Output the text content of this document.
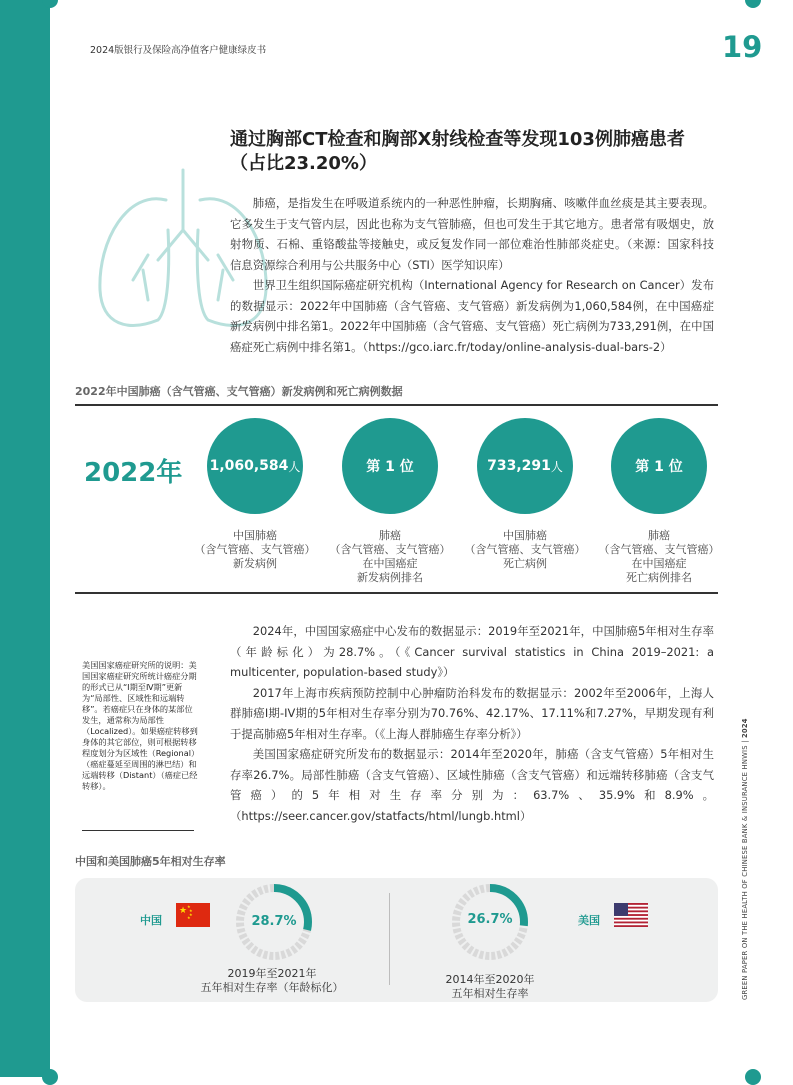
2024版银行及保险高净值客户健康绿皮书	19
GREEN PAPER ON THE HEALTH OF CHINESE BANK & INSURANCE HNWIS | 2024
通过胸部CT检查和胸部X射线检查等发现103例肺癌患者
（占比23.20%）

肺癌，是指发生在呼吸道系统内的一种恶性肿瘤，长期胸痛、咳嗽伴血丝痰是其主要表现。它多发生于支气管内层，因此也称为支气管肺癌，但也可发生于其它地方。患者常有吸烟史，放射物质、石棉、重铬酸盐等接触史，或反复发作同一部位难治性肺部炎症史。（来源：国家科技信息资源综合利用与公共服务中心（STI）医学知识库）

世界卫生组织国际癌症研究机构（International Agency for Research on Cancer）发布的数据显示：2022年中国肺癌（含气管癌、支气管癌）新发病例为1,060,584例，在中国癌症新发病例中排名第1。2022年中国肺癌（含气管癌、支气管癌）死亡病例为733,291例，在中国癌症死亡病例中排名第1。（https://gco.iarc.fr/today/online-analysis-dual-bars-2）

2022年中国肺癌（含气管癌、支气管癌）新发病例和死亡病例数据
2022年 1,060,584 人	第 1 位	733,291 人	第 1 位
中国肺癌
（含气管癌、支气管癌）
新发病例
肺癌
（含气管癌、支气管癌）
在中国癌症
新发病例排名
中国肺癌
（含气管癌、支气管癌）
死亡病例
肺癌
（含气管癌、支气管癌）
在中国癌症
死亡病例排名
美国国家癌症研究所的说明：美国国家癌症研究所统计癌症分期的形式已从“Ⅰ期至Ⅳ期”更新为“局部性、区域性和远端转移”。若癌症只在身体的某部位发生，通常称为局部性（Localized）。如果癌症转移到身体的其它部位，则可根据转移程度划分为区域性（Regional）（癌症蔓延至周围的淋巴结）和远端转移（Distant）（癌症已经转移）。

2024年，中国国家癌症中心发布的数据显示：2019年至2021年，中国肺癌5年相对生存率（年龄标化）为28.7%。（《Cancer survival statistics in China 2019–2021: a multicenter, population-based study》）

2017年上海市疾病预防控制中心肿瘤防治科发布的数据显示：2002年至2006年，上海人群肺癌I期-IV期的5年相对生存率分别为70.76%、42.17%、17.11%和7.27%，早期发现有利于提高肺癌5年相对生存率。（《上海人群肺癌生存率分析》）

美国国家癌症研究所发布的数据显示：2014年至2020年，肺癌（含支气管癌）5年相对生存率26.7%。局部性肺癌（含支气管癌）、区域性肺癌（含支气管癌）和远端转移肺癌（含支气管癌）的5年相对生存率分别为：63.7%、35.9%和8.9%。（https://seer.cancer.gov/statfacts/html/lungb.html）

中国和美国肺癌5年相对生存率
中国
★ ★
★
★
★	28.7%
2019年至2021年
五年相对生存率（年龄标化）
26.7%	美国
2014年至2020年
五年相对生存率
